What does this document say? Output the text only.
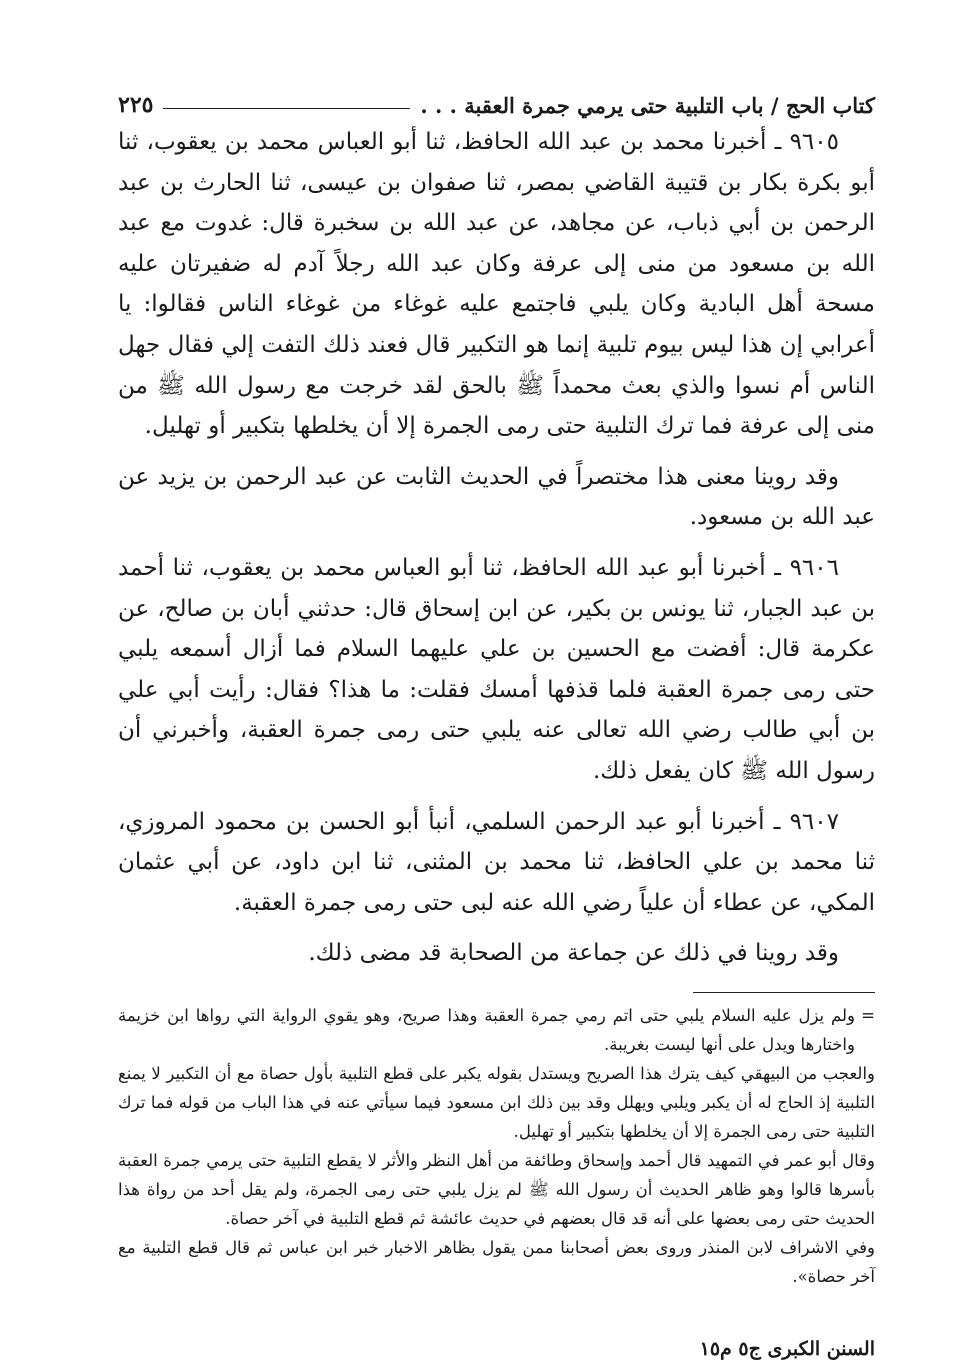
كتاب الحج / باب التلبية حتى يرمي جمرة العقبة . . .
٢٢٥

٩٦٠٥ ـ أخبرنا محمد بن عبد الله الحافظ، ثنا أبو العباس محمد بن يعقوب، ثنا أبو بكرة بكار بن قتيبة القاضي بمصر، ثنا صفوان بن عيسى، ثنا الحارث بن عبد الرحمن بن أبي ذباب، عن مجاهد، عن عبد الله بن سخبرة قال: غدوت مع عبد الله بن مسعود من منى إلى عرفة وكان عبد الله رجلاً آدم له ضفيرتان عليه مسحة أهل البادية وكان يلبي فاجتمع عليه غوغاء من غوغاء الناس فقالوا: يا أعرابي إن هذا ليس بيوم تلبية إنما هو التكبير قال فعند ذلك التفت إلي فقال جهل الناس أم نسوا والذي بعث محمداً ﷺ بالحق لقد خرجت مع رسول الله ﷺ من منى إلى عرفة فما ترك التلبية حتى رمى الجمرة إلا أن يخلطها بتكبير أو تهليل.

وقد روينا معنى هذا مختصراً في الحديث الثابت عن عبد الرحمن بن يزيد عن عبد الله بن مسعود.

٩٦٠٦ ـ أخبرنا أبو عبد الله الحافظ، ثنا أبو العباس محمد بن يعقوب، ثنا أحمد بن عبد الجبار، ثنا يونس بن بكير، عن ابن إسحاق قال: حدثني أبان بن صالح، عن عكرمة قال: أفضت مع الحسين بن علي عليهما السلام فما أزال أسمعه يلبي حتى رمى جمرة العقبة فلما قذفها أمسك فقلت: ما هذا؟ فقال: رأيت أبي علي بن أبي طالب رضي الله تعالى عنه يلبي حتى رمى جمرة العقبة، وأخبرني أن رسول الله ﷺ كان يفعل ذلك.

٩٦٠٧ ـ أخبرنا أبو عبد الرحمن السلمي، أنبأ أبو الحسن بن محمود المروزي، ثنا محمد بن علي الحافظ، ثنا محمد بن المثنى، ثنا ابن داود، عن أبي عثمان المكي، عن عطاء أن علياً رضي الله عنه لبى حتى رمى جمرة العقبة.

وقد روينا في ذلك عن جماعة من الصحابة قد مضى ذلك.

=ولم يزل عليه السلام يلبي حتى اتم رمي جمرة العقبة وهذا صريح، وهو يقوي الرواية التي رواها ابن خزيمة واختارها ويدل على أنها ليست بغريبة.

والعجب من البيهقي كيف يترك هذا الصريح ويستدل بقوله يكبر على قطع التلبية بأول حصاة مع أن التكبير لا يمنع التلبية إذ الحاج له أن يكبر ويلبي ويهلل وقد بين ذلك ابن مسعود فيما سيأتي عنه في هذا الباب من قوله فما ترك التلبية حتى رمى الجمرة إلا أن يخلطها بتكبير أو تهليل.

وقال أبو عمر في التمهيد قال أحمد وإسحاق وطائفة من أهل النظر والأثر لا يقطع التلبية حتى يرمي جمرة العقبة بأسرها قالوا وهو ظاهر الحديث أن رسول الله ﷺ لم يزل يلبي حتى رمى الجمرة، ولم يقل أحد من رواة هذا الحديث حتى رمى بعضها على أنه قد قال بعضهم في حديث عائشة ثم قطع التلبية في آخر حصاة.

وفي الاشراف لابن المنذر وروى بعض أصحابنا ممن يقول بظاهر الاخبار خبر ابن عباس ثم قال قطع التلبية مع آخر حصاة».

السنن الكبرى ج٥ م١٥
